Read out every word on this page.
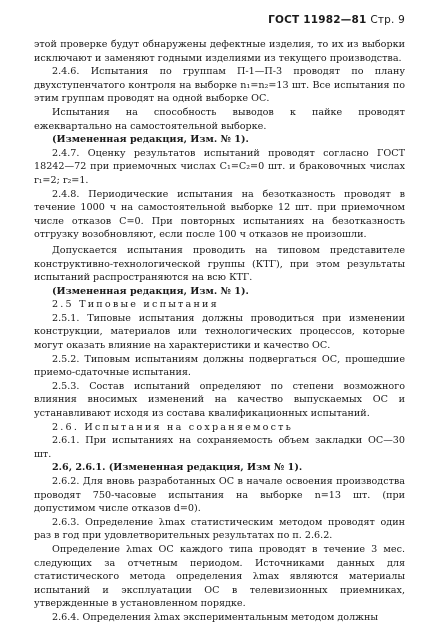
ГОСТ 11982—81 Стр. 9

этой проверке будут обнаружены дефектные изделия, то их из выборки исключают и заменяют годными изделиями из текущего производства.

2.4.6. Испытания по группам П-1—П-3 проводят по плану двухступенчатого контроля на выборке n₁=n₂=13 шт. Все испытания по этим группам проводят на одной выборке ОС.

Испытания на способность выводов к пайке проводят ежеквартально на самостоятельной выборке.

(Измененная редакция, Изм. № 1).

2.4.7. Оценку результатов испытаний проводят согласно ГОСТ 18242—72 при приемочных числах C₁=C₂=0 шт. и браковочных числах r₁=2; r₂=1.

2.4.8. Периодические испытания на безотказность проводят в течение 1000 ч на самостоятельной выборке 12 шт. при приемочном числе отказов C=0. При повторных испытаниях на безотказность отгрузку возобновляют, если после 100 ч отказов не произошли.

Допускается испытания проводить на типовом представителе конструктивно-технологической группы (КТГ), при этом результаты испытаний распространяются на всю КТГ.

(Измененная редакция, Изм. № 1).

2.5 Типовые испытания

2.5.1. Типовые испытания должны проводиться при изменении конструкции, материалов или технологических процессов, которые могут оказать влияние на характеристики и качество ОС.

2.5.2. Типовым испытаниям должны подвергаться ОС, прошедшие приемо-сдаточные испытания.

2.5.3. Состав испытаний определяют по степени возможного влияния вносимых изменений на качество выпускаемых ОС и устанавливают исходя из состава квалификационных испытаний.

2.6. Испытания на сохраняемость

2.6.1. При испытаниях на сохраняемость объем закладки ОС—30 шт.

2.6, 2.6.1. (Измененная редакция, Изм № 1).

2.6.2. Для вновь разработанных ОС в начале освоения производства проводят 750-часовые испытания на выборке n=13 шт. (при допустимом числе отказов d=0).

2.6.3. Определение λmax статистическим методом проводят один раз в год при удовлетворительных результатах по п. 2.6.2.

Определение λmax ОС каждого типа проводят в течение 3 мес. следующих за отчетным периодом. Источниками данных для статистического метода определения λmax являются материалы испытаний и эксплуатации ОС в телевизионных приемниках, утвержденные в установленном порядке.

2.6.4. Определения λmax экспериментальным методом должны
